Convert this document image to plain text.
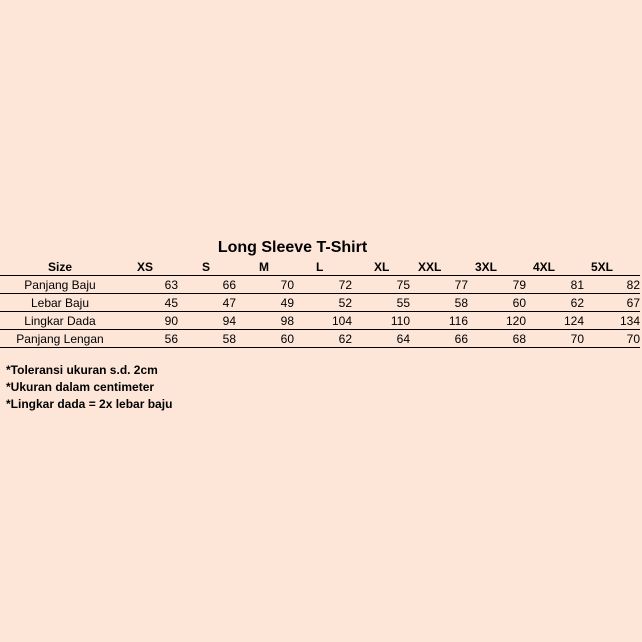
Long Sleeve T-Shirt
Size	XS	S	M	L	XL	XXL	3XL	4XL	5XL
Panjang Baju	63	66	70	72	75	77	79	81	82
Lebar Baju	45	47	49	52	55	58	60	62	67
Lingkar Dada	90	94	98	104	110	116	120	124	134
Panjang Lengan	56	58	60	62	64	66	68	70	70
*Toleransi ukuran s.d. 2cm
*Ukuran dalam centimeter
*Lingkar dada = 2x lebar baju
